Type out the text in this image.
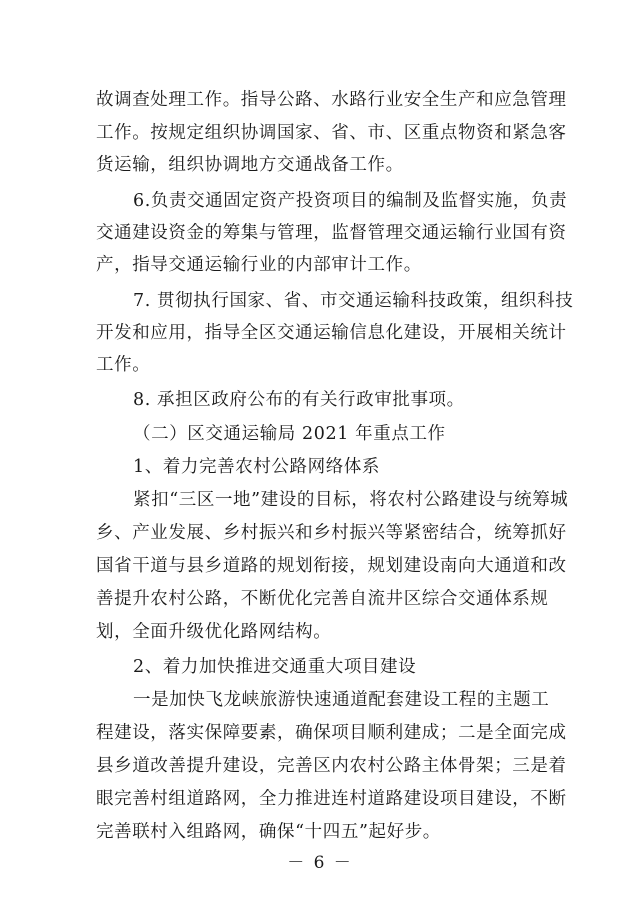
故调查处理工作。指导公路、水路行业安全生产和应急管理
工作。按规定组织协调国家、省、市、区重点物资和紧急客
货运输，组织协调地方交通战备工作。
6.负责交通固定资产投资项目的编制及监督实施，负责
交通建设资金的筹集与管理，监督管理交通运输行业国有资
产，指导交通运输行业的内部审计工作。
7. 贯彻执行国家、省、市交通运输科技政策，组织科技
开发和应用，指导全区交通运输信息化建设，开展相关统计
工作。
8. 承担区政府公布的有关行政审批事项。
（二）区交通运输局 2021 年重点工作
1、着力完善农村公路网络体系
紧扣“三区一地”建设的目标，将农村公路建设与统筹城
乡、产业发展、乡村振兴和乡村振兴等紧密结合，统筹抓好
国省干道与县乡道路的规划衔接，规划建设南向大通道和改
善提升农村公路，不断优化完善自流井区综合交通体系规
划，全面升级优化路网结构。
2、着力加快推进交通重大项目建设
一是加快飞龙峡旅游快速通道配套建设工程的主题工
程建设，落实保障要素，确保项目顺利建成；二是全面完成
县乡道改善提升建设，完善区内农村公路主体骨架；三是着
眼完善村组道路网，全力推进连村道路建设项目建设，不断
完善联村入组路网，确保“十四五”起好步。
－ 6 －
